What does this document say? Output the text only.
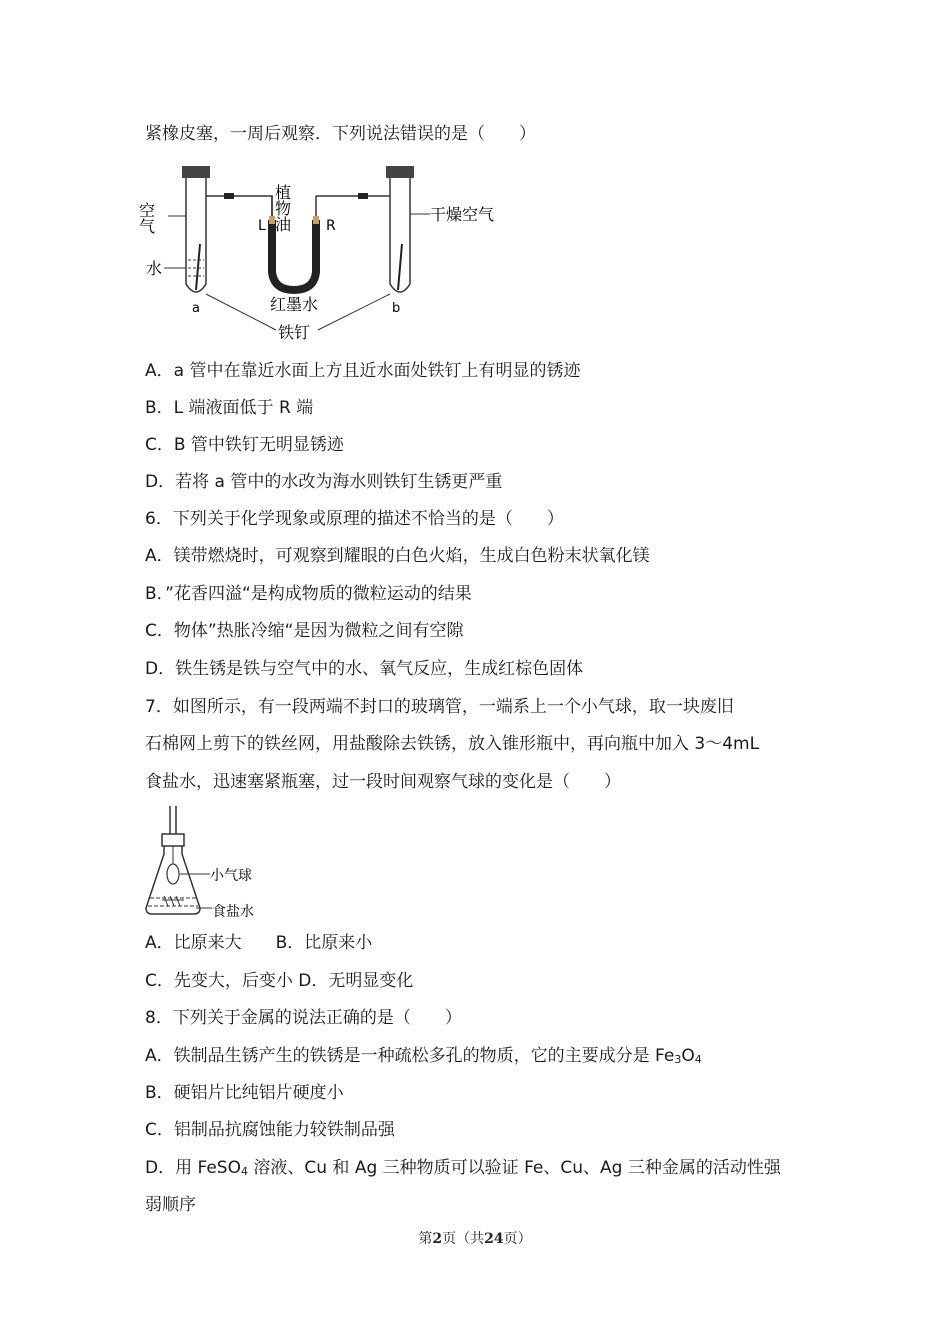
紧橡皮塞，一周后观察．下列说法错误的是（　　）
空气	植物油
L	R
干燥空气
水
红墨水
a	b
铁钉
A．a 管中在靠近水面上方且近水面处铁钉上有明显的锈迹
B．L 端液面低于 R 端
C．B 管中铁钉无明显锈迹
D．若将 a 管中的水改为海水则铁钉生锈更严重
6．下列关于化学现象或原理的描述不恰当的是（　　）
A．镁带燃烧时，可观察到耀眼的白色火焰，生成白色粉末状氧化镁
B．”花香四溢“是构成物质的微粒运动的结果
C．物体”热胀冷缩“是因为微粒之间有空隙
D．铁生锈是铁与空气中的水、氧气反应，生成红棕色固体
7．如图所示，有一段两端不封口的玻璃管，一端系上一个小气球，取一块废旧
石棉网上剪下的铁丝网，用盐酸除去铁锈，放入锥形瓶中，再向瓶中加入 3～4mL
食盐水，迅速塞紧瓶塞，过一段时间观察气球的变化是（　　）
小气球
食盐水
A．比原来大　　B．比原来小
C．先变大，后变小 D．无明显变化
8．下列关于金属的说法正确的是（　　）
A．铁制品生锈产生的铁锈是一种疏松多孔的物质，它的主要成分是 Fe3O4
B．硬铝片比纯铝片硬度小
C．铝制品抗腐蚀能力较铁制品强
D．用 FeSO4 溶液、Cu 和 Ag 三种物质可以验证 Fe、Cu、Ag 三种金属的活动性强
弱顺序
第2页（共24页）
